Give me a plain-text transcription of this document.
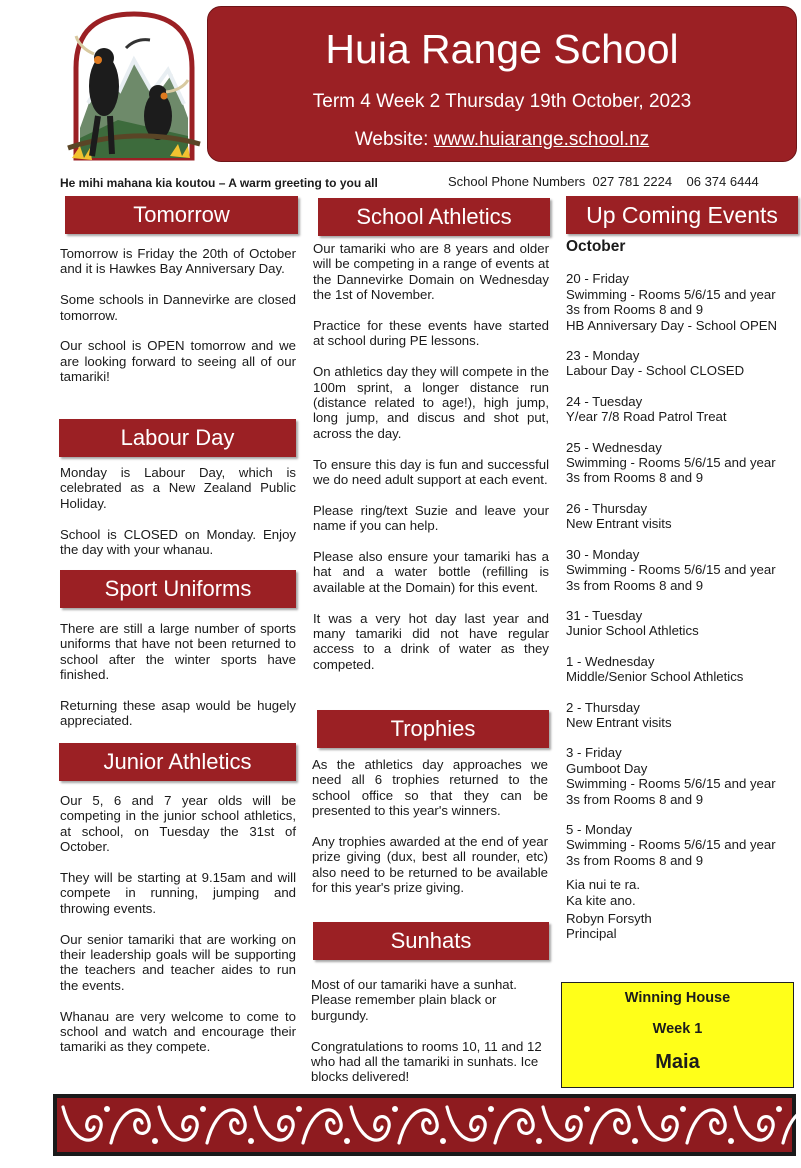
Huia Range School
Term 4 Week 2 Thursday 19th October, 2023
Website: www.huiarange.school.nz
He mihi mahana kia koutou – A warm greeting to you all	School Phone Numbers  027 781 2224    06 374 6444
Tomorrow

Tomorrow is Friday the 20th of October and it is Hawkes Bay Anniversary Day.

Some schools in Dannevirke are closed tomorrow.

Our school is OPEN tomorrow and we are looking forward to seeing all of our tamariki!

Labour Day

Monday is Labour Day, which is celebrated as a New Zealand Public Holiday.

School is CLOSED on Monday. Enjoy the day with your whanau.

Sport Uniforms

There are still a large number of sports uniforms that have not been returned to school after the winter sports have finished.

Returning these asap would be hugely appreciated.

Junior Athletics

Our 5, 6 and 7 year olds will be competing in the junior school athletics, at school, on Tuesday the 31st of October.

They will be starting at 9.15am and will compete in running, jumping and throwing events.

Our senior tamariki that are working on their leadership goals will be supporting the teachers and teacher aides to run the events.

Whanau are very welcome to come to school and watch and encourage their tamariki as they compete.

School Athletics

Our tamariki who are 8 years and older will be competing in a range of events at the Dannevirke Domain on Wednesday the 1st of November.

Practice for these events have started at school during PE lessons.

On athletics day they will compete in the 100m sprint, a longer distance run (distance related to age!), high jump, long jump, and discus and shot put, across the day.

To ensure this day is fun and successful we do need adult support at each event.

Please ring/text Suzie and leave your name if you can help.

Please also ensure your tamariki has a hat and a water bottle (refilling is available at the Domain) for this event.

It was a very hot day last year and many tamariki did not have regular access to a drink of water as they competed.

Trophies

As the athletics day approaches we need all 6 trophies returned to the school office so that they can be presented to this year's winners.

Any trophies awarded at the end of year prize giving (dux, best all rounder, etc) also need to be returned to be available for this year's prize giving.

Sunhats

Most of our tamariki have a sunhat. Please remember plain black or burgundy.

Congratulations to rooms 10, 11 and 12 who had all the tamariki in sunhats. Ice blocks delivered!

Up Coming Events
October
20 - Friday
Swimming - Rooms 5/6/15 and year
3s from Rooms 8 and 9
HB Anniversary Day - School OPEN
23 - Monday
Labour Day - School CLOSED
24 - Tuesday
Y/ear 7/8 Road Patrol Treat
25 - Wednesday
Swimming - Rooms 5/6/15 and year
3s from Rooms 8 and 9
26 - Thursday
New Entrant visits
30 - Monday
Swimming - Rooms 5/6/15 and year
3s from Rooms 8 and 9
31 - Tuesday
Junior School Athletics
1 - Wednesday
Middle/Senior School Athletics
2 - Thursday
New Entrant visits
3 - Friday
Gumboot Day
Swimming - Rooms 5/6/15 and year
3s from Rooms 8 and 9
5 - Monday
Swimming - Rooms 5/6/15 and year
3s from Rooms 8 and 9
Kia nui te ra.
Ka kite ano.
Robyn Forsyth
Principal
Winning House
Week 1
Maia
